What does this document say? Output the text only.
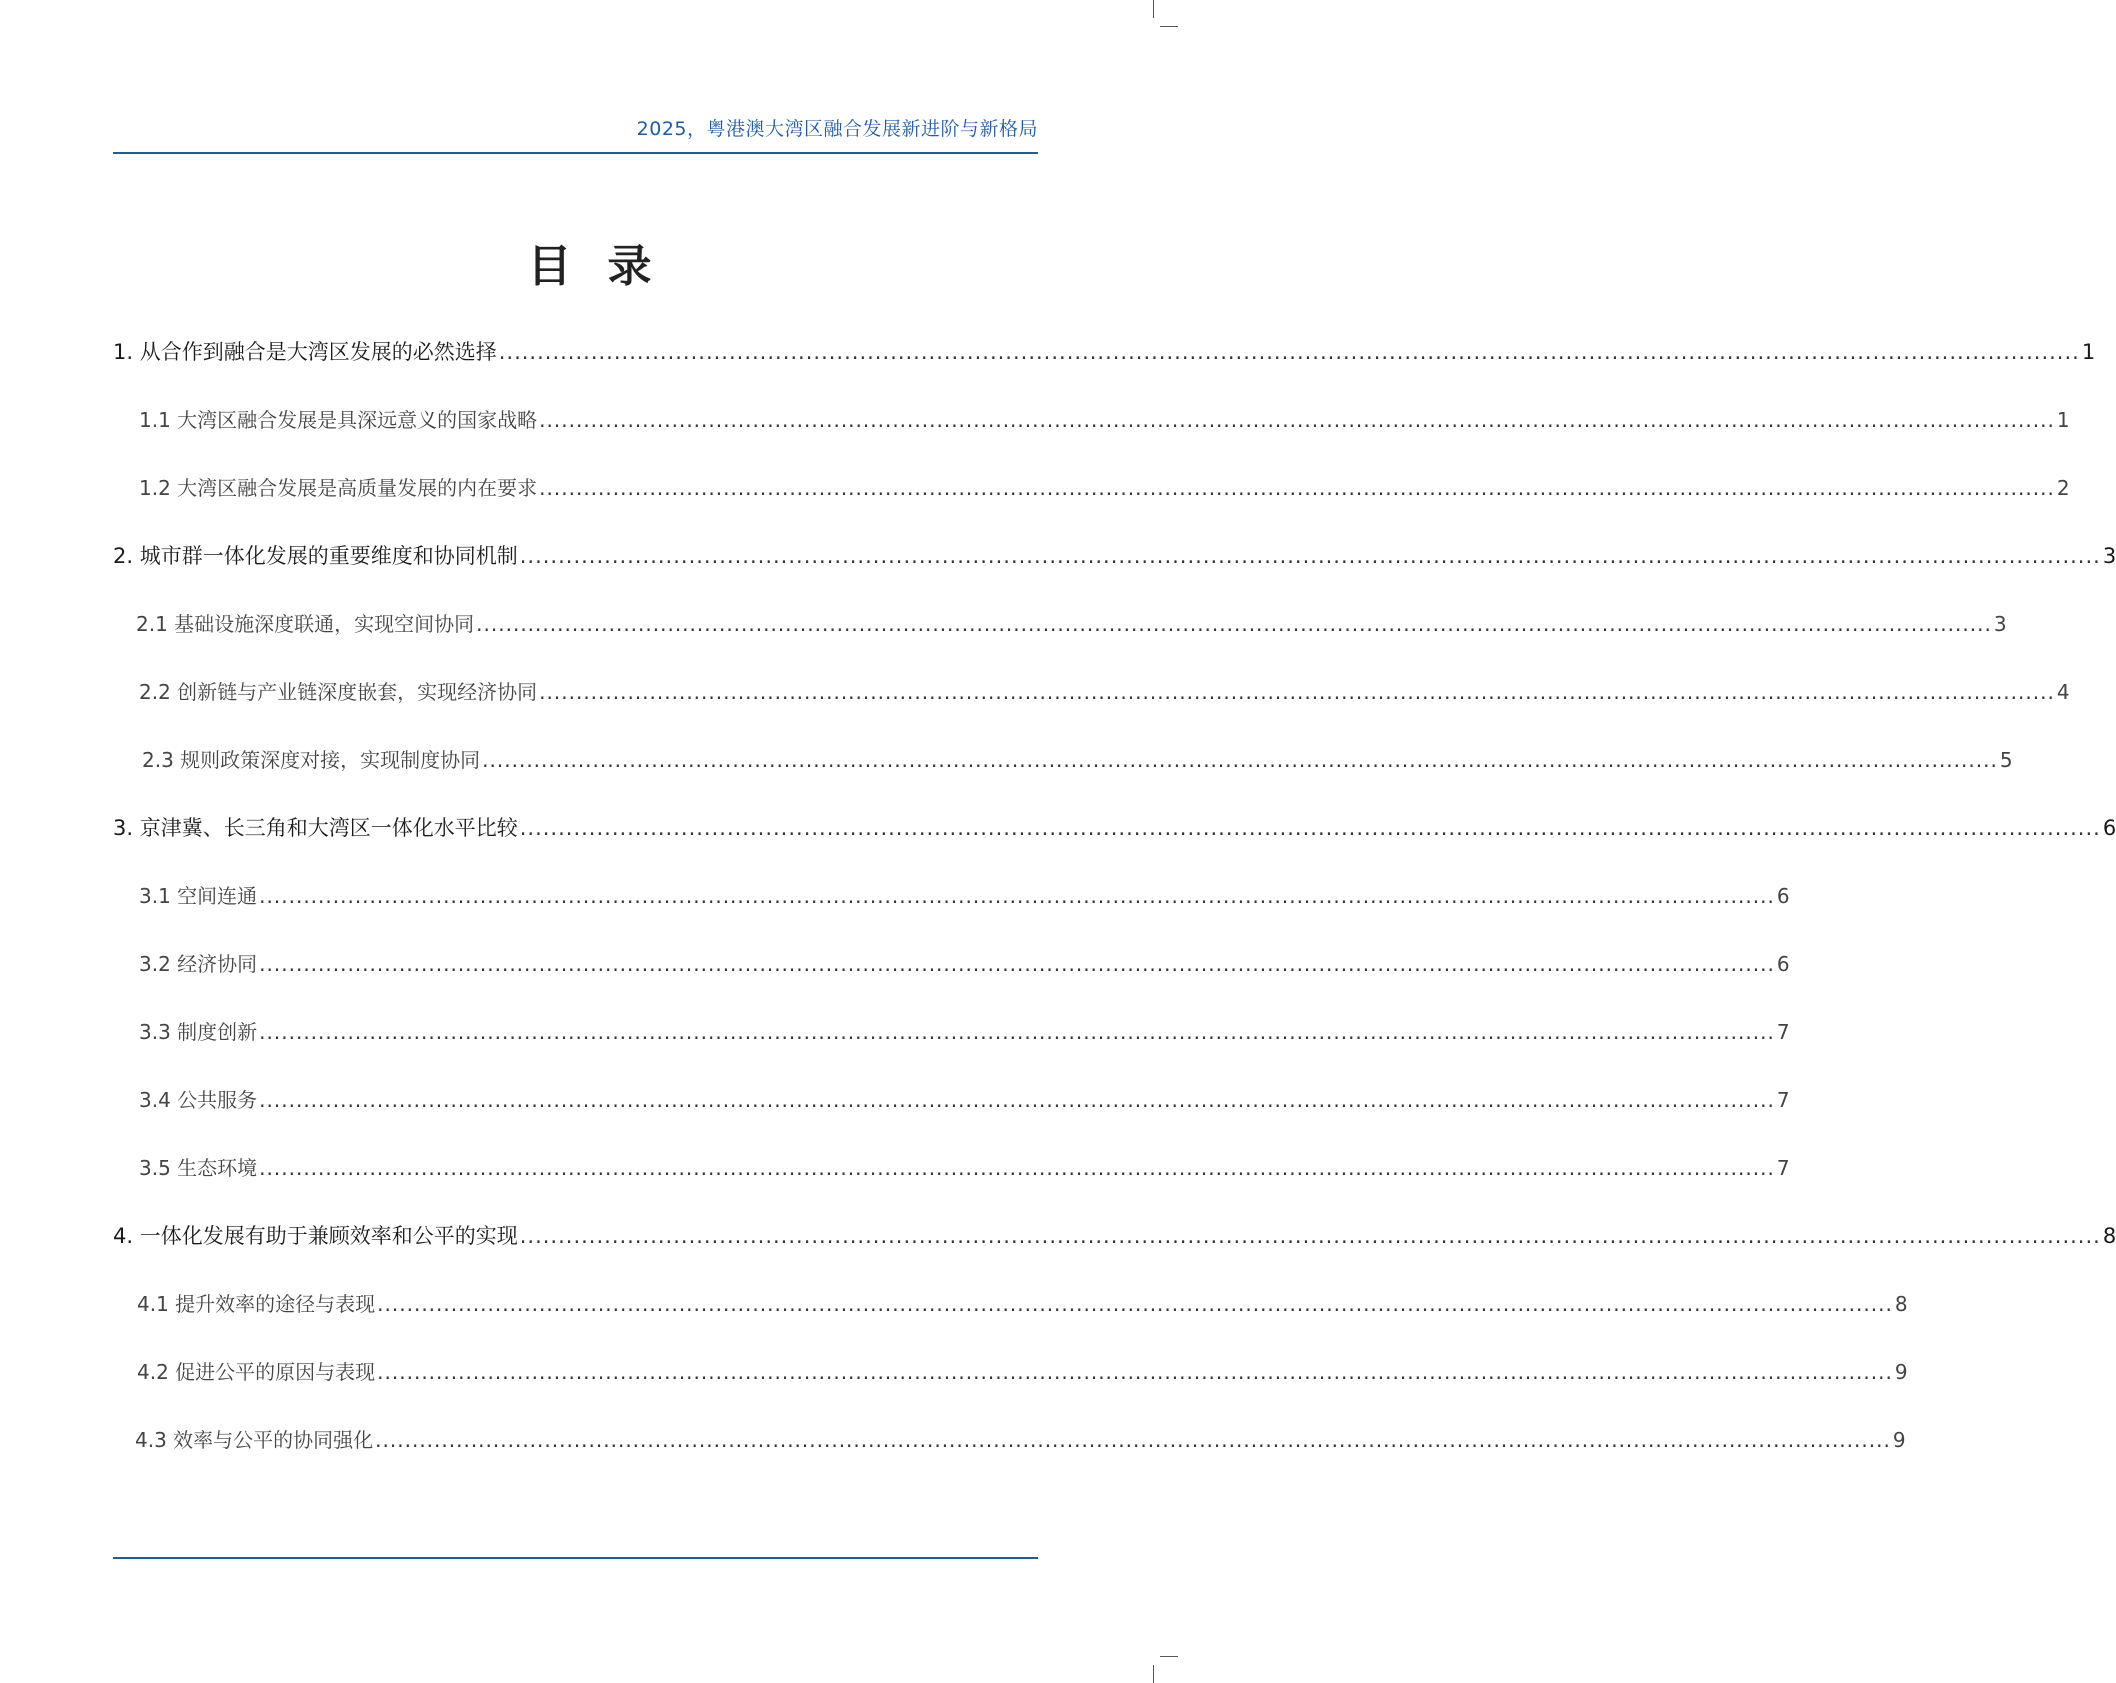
2025，粤港澳大湾区融合发展新进阶与新格局
目录
1. 从合作到融合是大湾区发展的必然选择 .............................................................................................................................................................................................................. 1
1.1 大湾区融合发展是具深远意义的国家战略 .............................................................................................................................................................................................................. 1
1.2 大湾区融合发展是高质量发展的内在要求 .............................................................................................................................................................................................................. 2
2. 城市群一体化发展的重要维度和协同机制 .............................................................................................................................................................................................................. 3
2.1 基础设施深度联通，实现空间协同 .............................................................................................................................................................................................................. 3
2.2 创新链与产业链深度嵌套，实现经济协同 .............................................................................................................................................................................................................. 4
2.3 规则政策深度对接，实现制度协同 .............................................................................................................................................................................................................. 5
3. 京津冀、长三角和大湾区一体化水平比较 .............................................................................................................................................................................................................. 6
3.1 空间连通 .............................................................................................................................................................................................................. 6
3.2 经济协同 .............................................................................................................................................................................................................. 6
3.3 制度创新 .............................................................................................................................................................................................................. 7
3.4 公共服务 .............................................................................................................................................................................................................. 7
3.5 生态环境 .............................................................................................................................................................................................................. 7
4. 一体化发展有助于兼顾效率和公平的实现 .............................................................................................................................................................................................................. 8
4.1 提升效率的途径与表现 .............................................................................................................................................................................................................. 8
4.2 促进公平的原因与表现 .............................................................................................................................................................................................................. 9
4.3 效率与公平的协同强化 .............................................................................................................................................................................................................. 9
